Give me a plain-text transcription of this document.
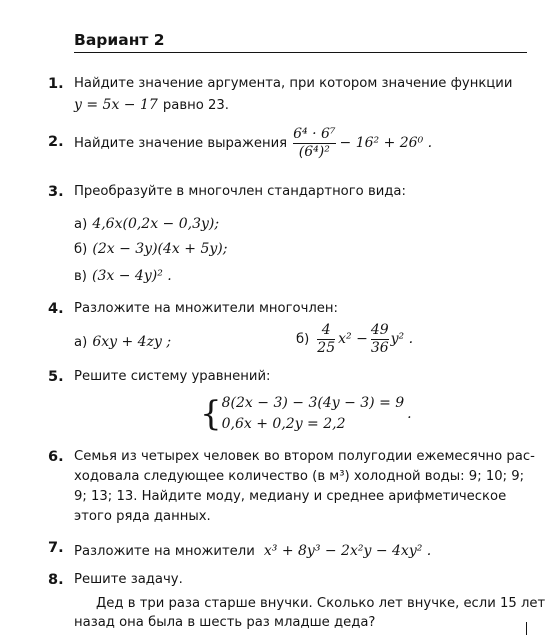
Вариант 2
1. Найдите значение аргумента, при котором значение функции
y = 5x − 17 равно 23.
2. Найдите значение выражения $\frac{\text{6⁴ · 6⁷}}{\text{(6⁴)²}} - 16^2 + 26^0$ .
3. Преобразуйте в многочлен стандартного вида:
а) 4,6x(0,2x − 0,3y);
б) (2x − 3y)(4x + 5y);
в) (3x − 4y)² .
4. Разложите на множители многочлен:
а) 6xy + 4zy ;	$б) \frac{4}{25} x^2 - \frac{49}{36} y^2$ .
5. Решите систему уравнений:
{ 8(2x − 3) − 3(4y − 3) = 9
0,6x + 0,2y = 2,2
.
6. Семья из четырех человек во втором полугодии ежемесячно рас-
ходовала следующее количество (в м³) холодной воды: 9; 10; 9;
9; 13; 13. Найдите моду, медиану и среднее арифметическое
этого ряда данных.
7. Разложите на множители x³ + 8y³ − 2x²y − 4xy² .
8. Решите задачу.
Дед в три раза старше внучки. Сколько лет внучке, если 15 лет
назад она была в шесть раз младше деда?
